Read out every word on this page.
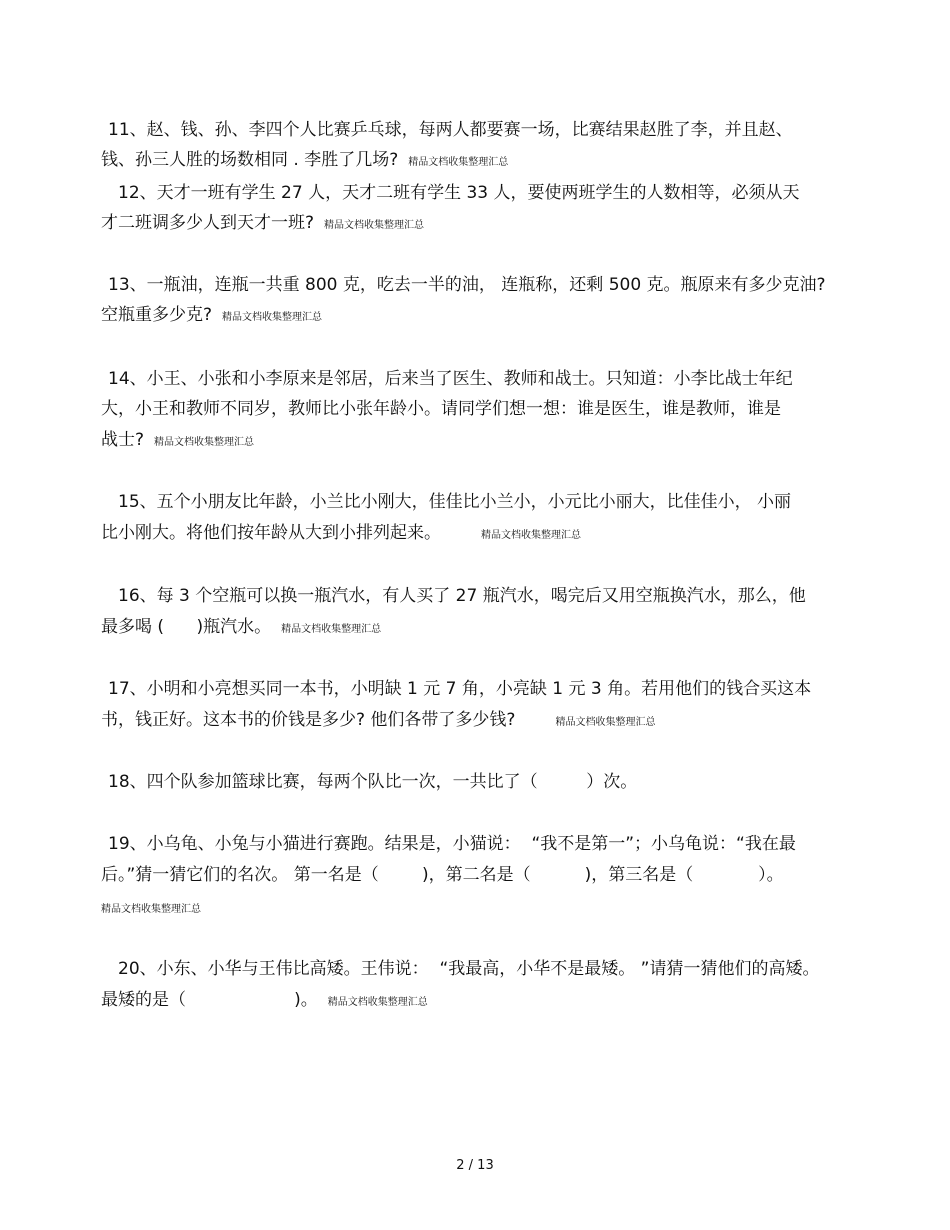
11、赵、钱、孙、李四个人比赛乒乓球，每两人都要赛一场，比赛结果赵胜了李，并且赵、
钱、孙三人胜的场数相同 . 李胜了几场? 精品文档收集整理汇总
12、天才一班有学生 27 人，天才二班有学生 33 人，要使两班学生的人数相等，必须从天
才二班调多少人到天才一班? 精品文档收集整理汇总
13、一瓶油，连瓶一共重 800 克，吃去一半的油， 连瓶称，还剩 500 克。瓶原来有多少克油?
空瓶重多少克? 精品文档收集整理汇总
14、小王、小张和小李原来是邻居，后来当了医生、教师和战士。只知道：小李比战士年纪
大，小王和教师不同岁，教师比小张年龄小。请同学们想一想：谁是医生，谁是教师，谁是
战士? 精品文档收集整理汇总
15、五个小朋友比年龄，小兰比小刚大，佳佳比小兰小，小元比小丽大，比佳佳小， 小丽
比小刚大。将他们按年龄从大到小排列起来。	精品文档收集整理汇总
16、每 3 个空瓶可以换一瓶汽水，有人买了 27 瓶汽水，喝完后又用空瓶换汽水，那么，他
最多喝 (      )瓶汽水。 精品文档收集整理汇总
17、小明和小亮想买同一本书，小明缺 1 元 7 角，小亮缺 1 元 3 角。若用他们的钱合买这本
书，钱正好。这本书的价钱是多少? 他们各带了多少钱?	精品文档收集整理汇总
18、四个队参加篮球比赛，每两个队比一次，一共比了（         ）次。
19、小乌龟、小兔与小猫进行赛跑。结果是，小猫说：  “我不是第一”；小乌龟说：“我在最
后。”猜一猜它们的名次。 第一名是（        )，第二名是（          )，第三名是（            ）。
精品文档收集整理汇总
20、小东、小华与王伟比高矮。王伟说：  “我最高，小华不是最矮。 ”请猜一猜他们的高矮。
最矮的是（                    )。 精品文档收集整理汇总
2 / 13
